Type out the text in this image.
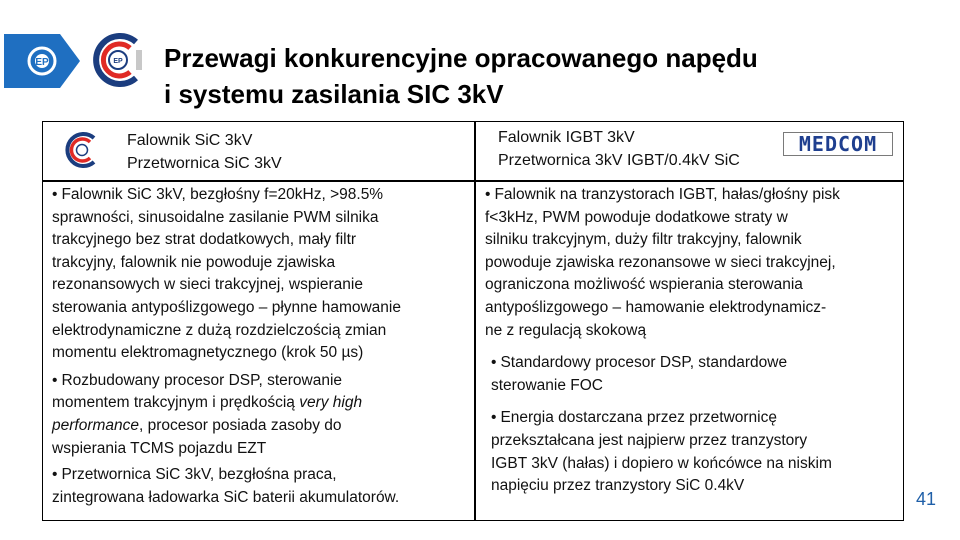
EP	EP Przewagi konkurencyjne opracowanego napędu
i systemu zasilania SIC 3kV
Falownik SiC 3kV
Przetwornica SiC 3kV
Falownik IGBT 3kV
Przetwornica 3kV IGBT/0.4kV SiC
MEDCOM
• Falownik SiC 3kV, bezgłośny f=20kHz, >98.5%
sprawności, sinusoidalne zasilanie PWM silnika
trakcyjnego bez strat dodatkowych, mały filtr
trakcyjny, falownik nie powoduje zjawiska
rezonansowych w sieci trakcyjnej, wspieranie
sterowania antypoślizgowego – płynne hamowanie
elektrodynamiczne z dużą rozdzielczością zmian
momentu elektromagnetycznego (krok 50 µs)
• Rozbudowany procesor DSP, sterowanie
momentem trakcyjnym i prędkością very high
performance, procesor posiada zasoby do
wspierania TCMS pojazdu EZT
• Przetwornica SiC 3kV, bezgłośna praca,
zintegrowana ładowarka SiC baterii akumulatorów.
• Falownik na tranzystorach IGBT, hałas/głośny pisk
f<3kHz, PWM powoduje dodatkowe straty w
silniku trakcyjnym, duży filtr trakcyjny, falownik
powoduje zjawiska rezonansowe w sieci trakcyjnej,
ograniczona możliwość wspierania sterowania
antypoślizgowego – hamowanie elektrodynamicz-
ne z regulacją skokową
• Standardowy procesor DSP, standardowe
sterowanie FOC
• Energia dostarczana przez przetwornicę
przekształcana jest najpierw przez tranzystory
IGBT 3kV (hałas) i dopiero w końcówce na niskim
napięciu przez tranzystory SiC 0.4kV
41
